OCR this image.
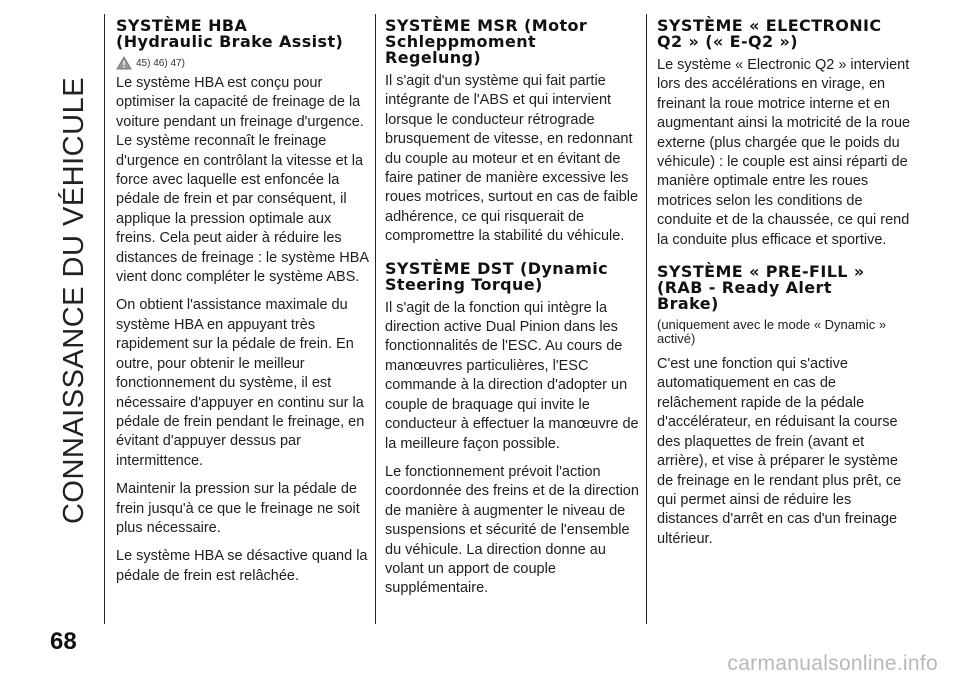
CONNAISSANCE DU VÉHICULE
SYSTÈME HBA
(Hydraulic Brake Assist)
45) 46) 47)

Le système HBA est conçu pour optimiser la capacité de freinage de la voiture pendant un freinage d'urgence. Le système reconnaît le freinage d'urgence en contrôlant la vitesse et la force avec laquelle est enfoncée la pédale de frein et par conséquent, il applique la pression optimale aux freins. Cela peut aider à réduire les distances de freinage : le système HBA vient donc compléter le système ABS.

On obtient l'assistance maximale du système HBA en appuyant très rapidement sur la pédale de frein. En outre, pour obtenir le meilleur fonctionnement du système, il est nécessaire d'appuyer en continu sur la pédale de frein pendant le freinage, en évitant d'appuyer dessus par intermittence.

Maintenir la pression sur la pédale de frein jusqu'à ce que le freinage ne soit plus nécessaire.

Le système HBA se désactive quand la pédale de frein est relâchée.

SYSTÈME MSR (Motor
Schleppmoment
Regelung)

Il s'agit d'un système qui fait partie intégrante de l'ABS et qui intervient lorsque le conducteur rétrograde brusquement de vitesse, en redonnant du couple au moteur et en évitant de faire patiner de manière excessive les roues motrices, surtout en cas de faible adhérence, ce qui risquerait de compromettre la stabilité du véhicule.

SYSTÈME DST (Dynamic
Steering Torque)

Il s'agit de la fonction qui intègre la direction active Dual Pinion dans les fonctionnalités de l'ESC. Au cours de manœuvres particulières, l'ESC commande à la direction d'adopter un couple de braquage qui invite le conducteur à effectuer la manœuvre de la meilleure façon possible.

Le fonctionnement prévoit l'action coordonnée des freins et de la direction de manière à augmenter le niveau de suspensions et sécurité de l'ensemble du véhicule. La direction donne au volant un apport de couple supplémentaire.

SYSTÈME « ELECTRONIC
Q2 » (« E-Q2 »)

Le système « Electronic Q2 » intervient lors des accélérations en virage, en freinant la roue motrice interne et en augmentant ainsi la motricité de la roue externe (plus chargée que le poids du véhicule) : le couple est ainsi réparti de manière optimale entre les roues motrices selon les conditions de conduite et de la chaussée, ce qui rend la conduite plus efficace et sportive.

SYSTÈME « PRE-FILL »
(RAB - Ready Alert
Brake)

(uniquement avec le mode « Dynamic » activé)

C'est une fonction qui s'active automatiquement en cas de relâchement rapide de la pédale d'accélérateur, en réduisant la course des plaquettes de frein (avant et arrière), et vise à préparer le système de freinage en le rendant plus prêt, ce qui permet ainsi de réduire les distances d'arrêt en cas d'un freinage ultérieur.

68
carmanualsonline.info
